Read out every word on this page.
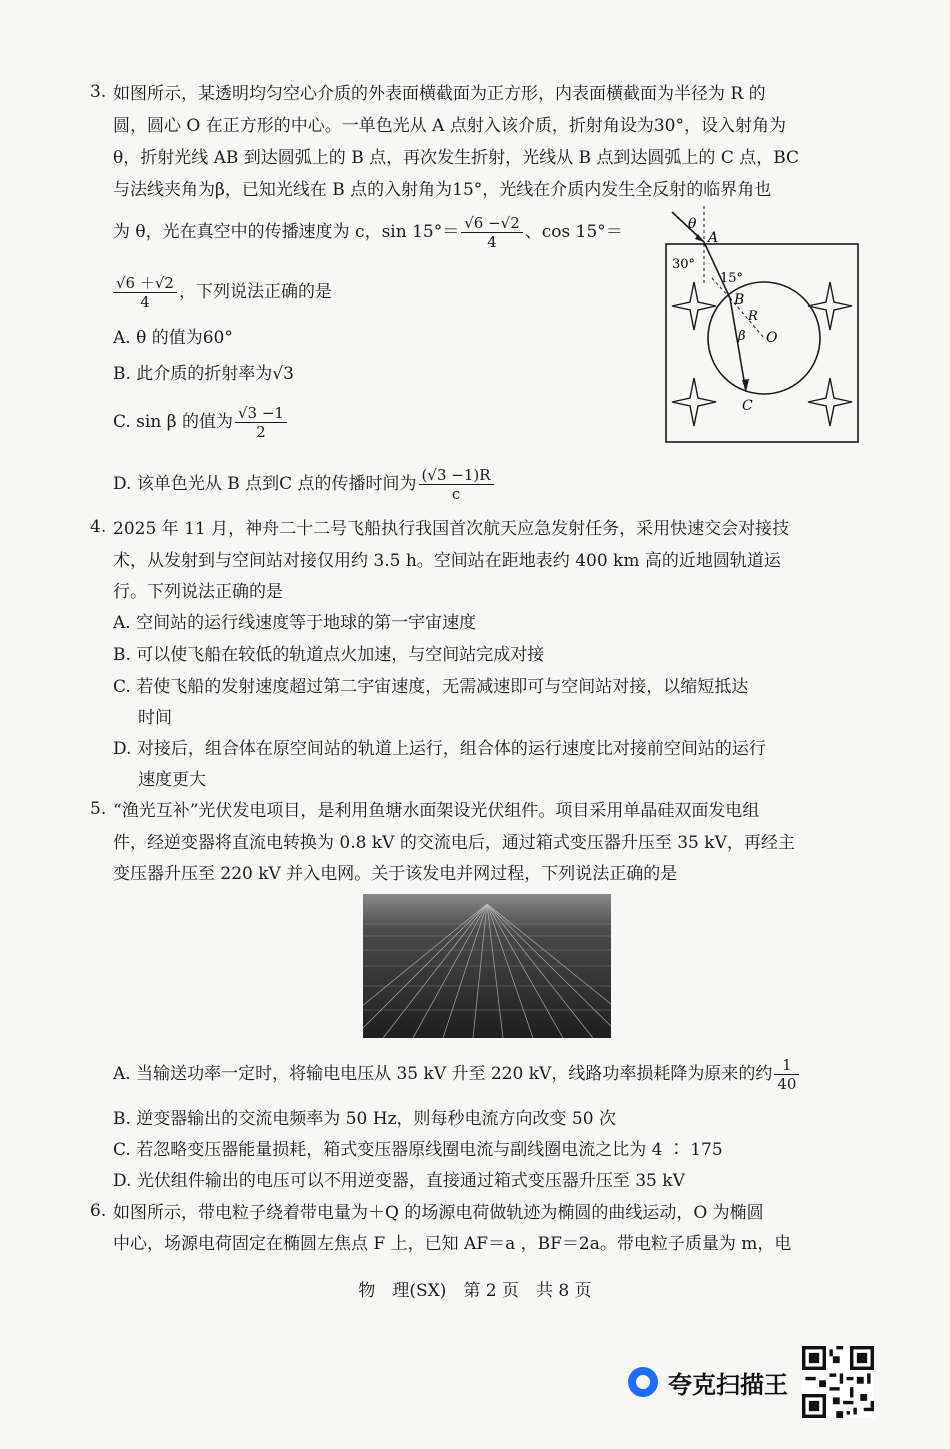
3. 如图所示，某透明均匀空心介质的外表面横截面为正方形，内表面横截面为半径为 R 的
圆，圆心 O 在正方形的中心。一单色光从 A 点射入该介质，折射角设为30°，设入射角为
θ，折射光线 AB 到达圆弧上的 B 点，再次发生折射，光线从 B 点到达圆弧上的 C 点，BC
与法线夹角为β，已知光线在 B 点的入射角为15°，光线在介质内发生全反射的临界角也
为 θ，光在真空中的传播速度为 c，$\sin 15^\circ= \frac{√6 -√2}{4}$ 、cos 15°＝
$\frac{√6 +√2}{4}$ ，下列说法正确的是
A. θ 的值为60°
B. 此介质的折射率为√3
C. sin β 的值为 $\frac{√3 -1}{2}$
D. 该单色光从 B 点到C 点的传播时间为 $\frac{(√3 -1)R}{c}$
θ
30°
15°
A
B
R
β O
C
4. 2025 年 11 月，神舟二十二号飞船执行我国首次航天应急发射任务，采用快速交会对接技
术，从发射到与空间站对接仅用约 3.5 h。空间站在距地表约 400 km 高的近地圆轨道运
行。下列说法正确的是
A. 空间站的运行线速度等于地球的第一宇宙速度
B. 可以使飞船在较低的轨道点火加速，与空间站完成对接
C. 若使飞船的发射速度超过第二宇宙速度，无需减速即可与空间站对接，以缩短抵达
时间
D. 对接后，组合体在原空间站的轨道上运行，组合体的运行速度比对接前空间站的运行
速度更大
5. “渔光互补”光伏发电项目，是利用鱼塘水面架设光伏组件。项目采用单晶硅双面发电组
件，经逆变器将直流电转换为 0.8 kV 的交流电后，通过箱式变压器升压至 35 kV，再经主
变压器升压至 220 kV 并入电网。关于该发电并网过程，下列说法正确的是
A. 当输送功率一定时，将输电电压从 35 kV 升至 220 kV，线路功率损耗降为原来的约 $\frac{1}{40}$
B. 逆变器输出的交流电频率为 50 Hz，则每秒电流方向改变 50 次
C. 若忽略变压器能量损耗，箱式变压器原线圈电流与副线圈电流之比为 4 ∶ 175
D. 光伏组件输出的电压可以不用逆变器，直接通过箱式变压器升压至 35 kV
6. 如图所示，带电粒子绕着带电量为＋Q 的场源电荷做轨迹为椭圆的曲线运动，O 为椭圆
中心，场源电荷固定在椭圆左焦点 F 上，已知 AF＝a ，BF＝2a。带电粒子质量为 m，电
物　理(SX)　第 2 页　共 8 页
夸克扫描王
